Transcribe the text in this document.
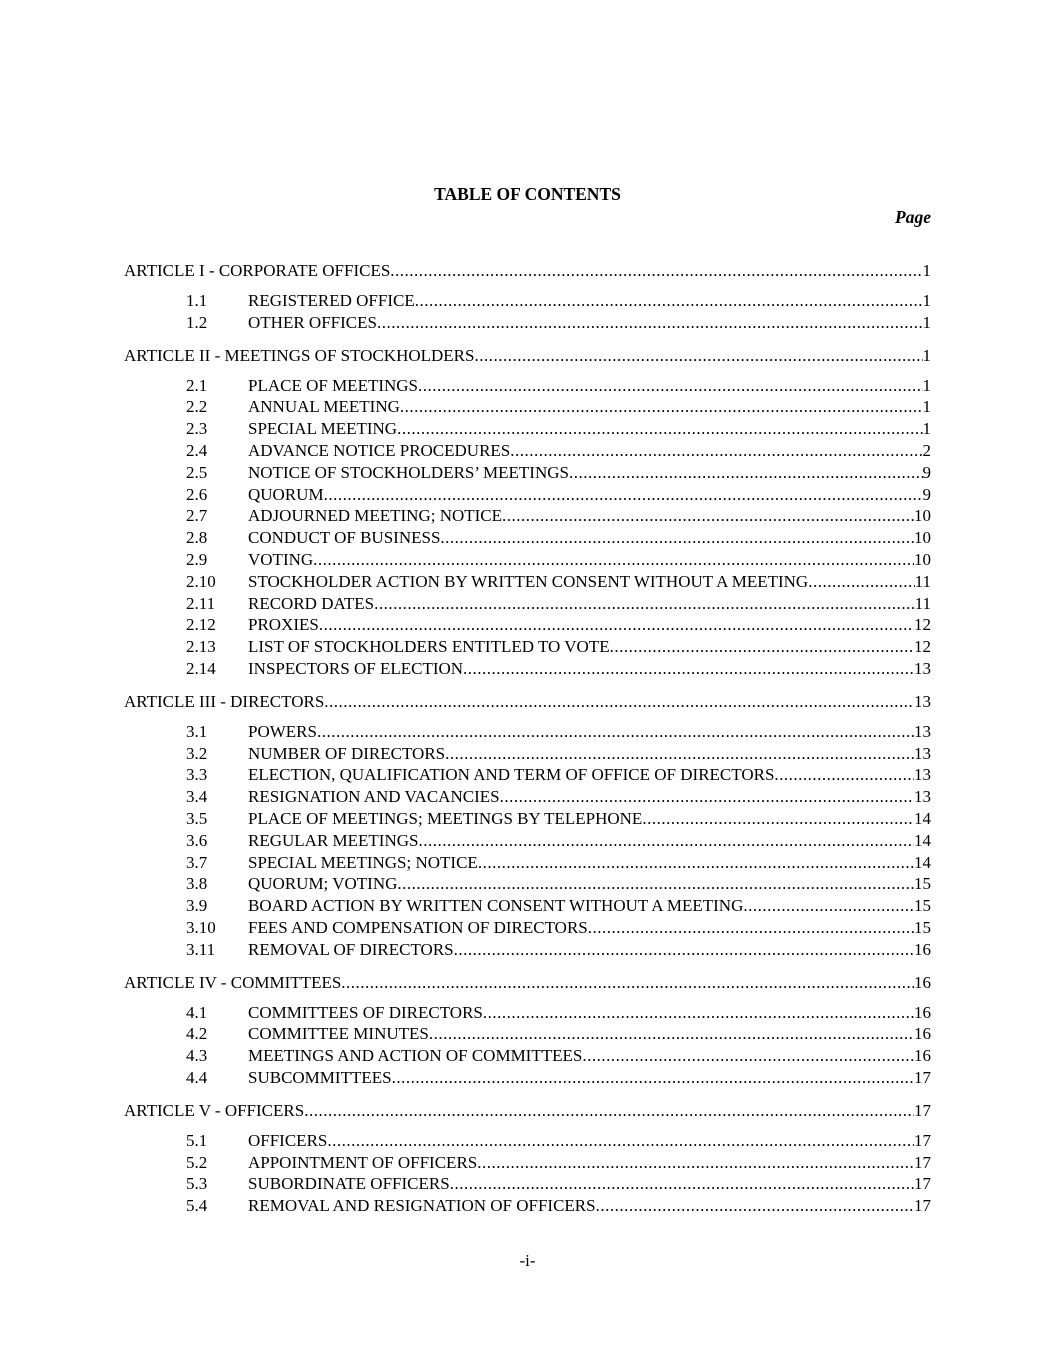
TABLE OF CONTENTS
Page
ARTICLE I - CORPORATE OFFICES .....	1
1.1	REGISTERED OFFICE .....	1
1.2	OTHER OFFICES .....	1
ARTICLE II - MEETINGS OF STOCKHOLDERS .....	1
2.1	PLACE OF MEETINGS .....	1
2.2	ANNUAL MEETING .....	1
2.3	SPECIAL MEETING .....	1
2.4	ADVANCE NOTICE PROCEDURES .....	2
2.5	NOTICE OF STOCKHOLDERS’ MEETINGS .....	9
2.6	QUORUM .....	9
2.7	ADJOURNED MEETING; NOTICE .....	10
2.8	CONDUCT OF BUSINESS .....	10
2.9	VOTING .....	10
2.10	STOCKHOLDER ACTION BY WRITTEN CONSENT WITHOUT A MEETING .....	11
2.11	RECORD DATES .....	11
2.12	PROXIES .....	12
2.13	LIST OF STOCKHOLDERS ENTITLED TO VOTE .....	12
2.14	INSPECTORS OF ELECTION .....	13
ARTICLE III - DIRECTORS .....	13
3.1	POWERS .....	13
3.2	NUMBER OF DIRECTORS .....	13
3.3	ELECTION, QUALIFICATION AND TERM OF OFFICE OF DIRECTORS .....	13
3.4	RESIGNATION AND VACANCIES .....	13
3.5	PLACE OF MEETINGS; MEETINGS BY TELEPHONE .....	14
3.6	REGULAR MEETINGS .....	14
3.7	SPECIAL MEETINGS; NOTICE .....	14
3.8	QUORUM; VOTING .....	15
3.9	BOARD ACTION BY WRITTEN CONSENT WITHOUT A MEETING .....	15
3.10	FEES AND COMPENSATION OF DIRECTORS .....	15
3.11	REMOVAL OF DIRECTORS .....	16
ARTICLE IV - COMMITTEES .....	16
4.1	COMMITTEES OF DIRECTORS .....	16
4.2	COMMITTEE MINUTES .....	16
4.3	MEETINGS AND ACTION OF COMMITTEES .....	16
4.4	SUBCOMMITTEES .....	17
ARTICLE V - OFFICERS .....	17
5.1	OFFICERS .....	17
5.2	APPOINTMENT OF OFFICERS .....	17
5.3	SUBORDINATE OFFICERS .....	17
5.4	REMOVAL AND RESIGNATION OF OFFICERS .....	17
-i-
